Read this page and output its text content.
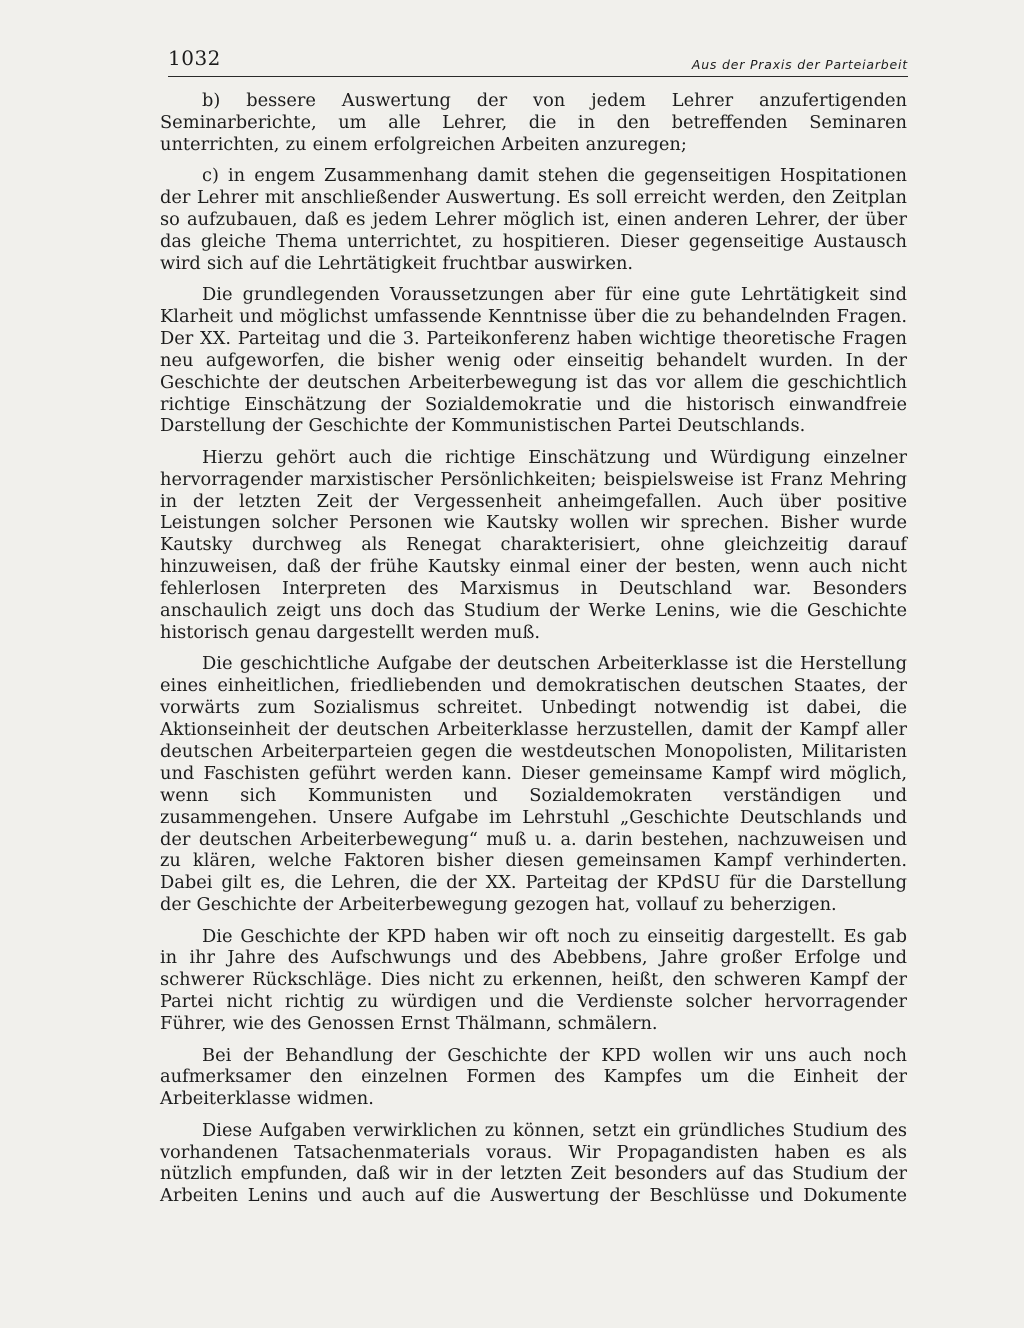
1032	Aus der Praxis der Parteiarbeit

b) bessere Auswertung der von jedem Lehrer anzufertigenden Seminarberichte, um alle Lehrer, die in den betreffenden Seminaren unterrichten, zu einem erfolgreichen Arbeiten anzuregen;

c) in engem Zusammenhang damit stehen die gegenseitigen Hospitationen der Lehrer mit anschließender Auswertung. Es soll erreicht werden, den Zeitplan so aufzubauen, daß es jedem Lehrer möglich ist, einen anderen Lehrer, der über das gleiche Thema unterrichtet, zu hospitieren. Dieser gegenseitige Austausch wird sich auf die Lehrtätigkeit fruchtbar auswirken.

Die grundlegenden Voraussetzungen aber für eine gute Lehrtätigkeit sind Klarheit und möglichst umfassende Kenntnisse über die zu behandelnden Fragen. Der XX. Parteitag und die 3. Parteikonferenz haben wichtige theoretische Fragen neu aufgeworfen, die bisher wenig oder einseitig behandelt wurden. In der Geschichte der deutschen Arbeiterbewegung ist das vor allem die geschichtlich richtige Einschätzung der Sozialdemokratie und die historisch einwandfreie Darstellung der Geschichte der Kommunistischen Partei Deutschlands.

Hierzu gehört auch die richtige Einschätzung und Würdigung einzelner hervorragender marxistischer Persönlichkeiten; beispielsweise ist Franz Mehring in der letzten Zeit der Vergessenheit anheimgefallen. Auch über positive Leistungen solcher Personen wie Kautsky wollen wir sprechen. Bisher wurde Kautsky durchweg als Renegat charakterisiert, ohne gleichzeitig darauf hinzuweisen, daß der frühe Kautsky einmal einer der besten, wenn auch nicht fehlerlosen Interpreten des Marxismus in Deutschland war. Besonders anschaulich zeigt uns doch das Studium der Werke Lenins, wie die Geschichte historisch genau dargestellt werden muß.

Die geschichtliche Aufgabe der deutschen Arbeiterklasse ist die Herstellung eines einheitlichen, friedliebenden und demokratischen deutschen Staates, der vorwärts zum Sozialismus schreitet. Unbedingt notwendig ist dabei, die Aktionseinheit der deutschen Arbeiterklasse herzustellen, damit der Kampf aller deutschen Arbeiterparteien gegen die westdeutschen Monopolisten, Militaristen und Faschisten geführt werden kann. Dieser gemeinsame Kampf wird möglich, wenn sich Kommunisten und Sozialdemokraten verständigen und zusammengehen. Unsere Aufgabe im Lehrstuhl „Geschichte Deutschlands und der deutschen Arbeiterbewegung“ muß u. a. darin bestehen, nachzuweisen und zu klären, welche Faktoren bisher diesen gemeinsamen Kampf verhinderten. Dabei gilt es, die Lehren, die der XX. Parteitag der KPdSU für die Darstellung der Geschichte der Arbeiterbewegung gezogen hat, vollauf zu beherzigen.

Die Geschichte der KPD haben wir oft noch zu einseitig dargestellt. Es gab in ihr Jahre des Aufschwungs und des Abebbens, Jahre großer Erfolge und schwerer Rückschläge. Dies nicht zu erkennen, heißt, den schweren Kampf der Partei nicht richtig zu würdigen und die Verdienste solcher hervorragender Führer, wie des Genossen Ernst Thälmann, schmälern.

Bei der Behandlung der Geschichte der KPD wollen wir uns auch noch aufmerksamer den einzelnen Formen des Kampfes um die Einheit der Arbeiterklasse widmen.

Diese Aufgaben verwirklichen zu können, setzt ein gründliches Studium des vorhandenen Tatsachenmaterials voraus. Wir Propagandisten haben es als nützlich empfunden, daß wir in der letzten Zeit besonders auf das Studium der Arbeiten Lenins und auch auf die Auswertung der Beschlüsse und Dokumente
